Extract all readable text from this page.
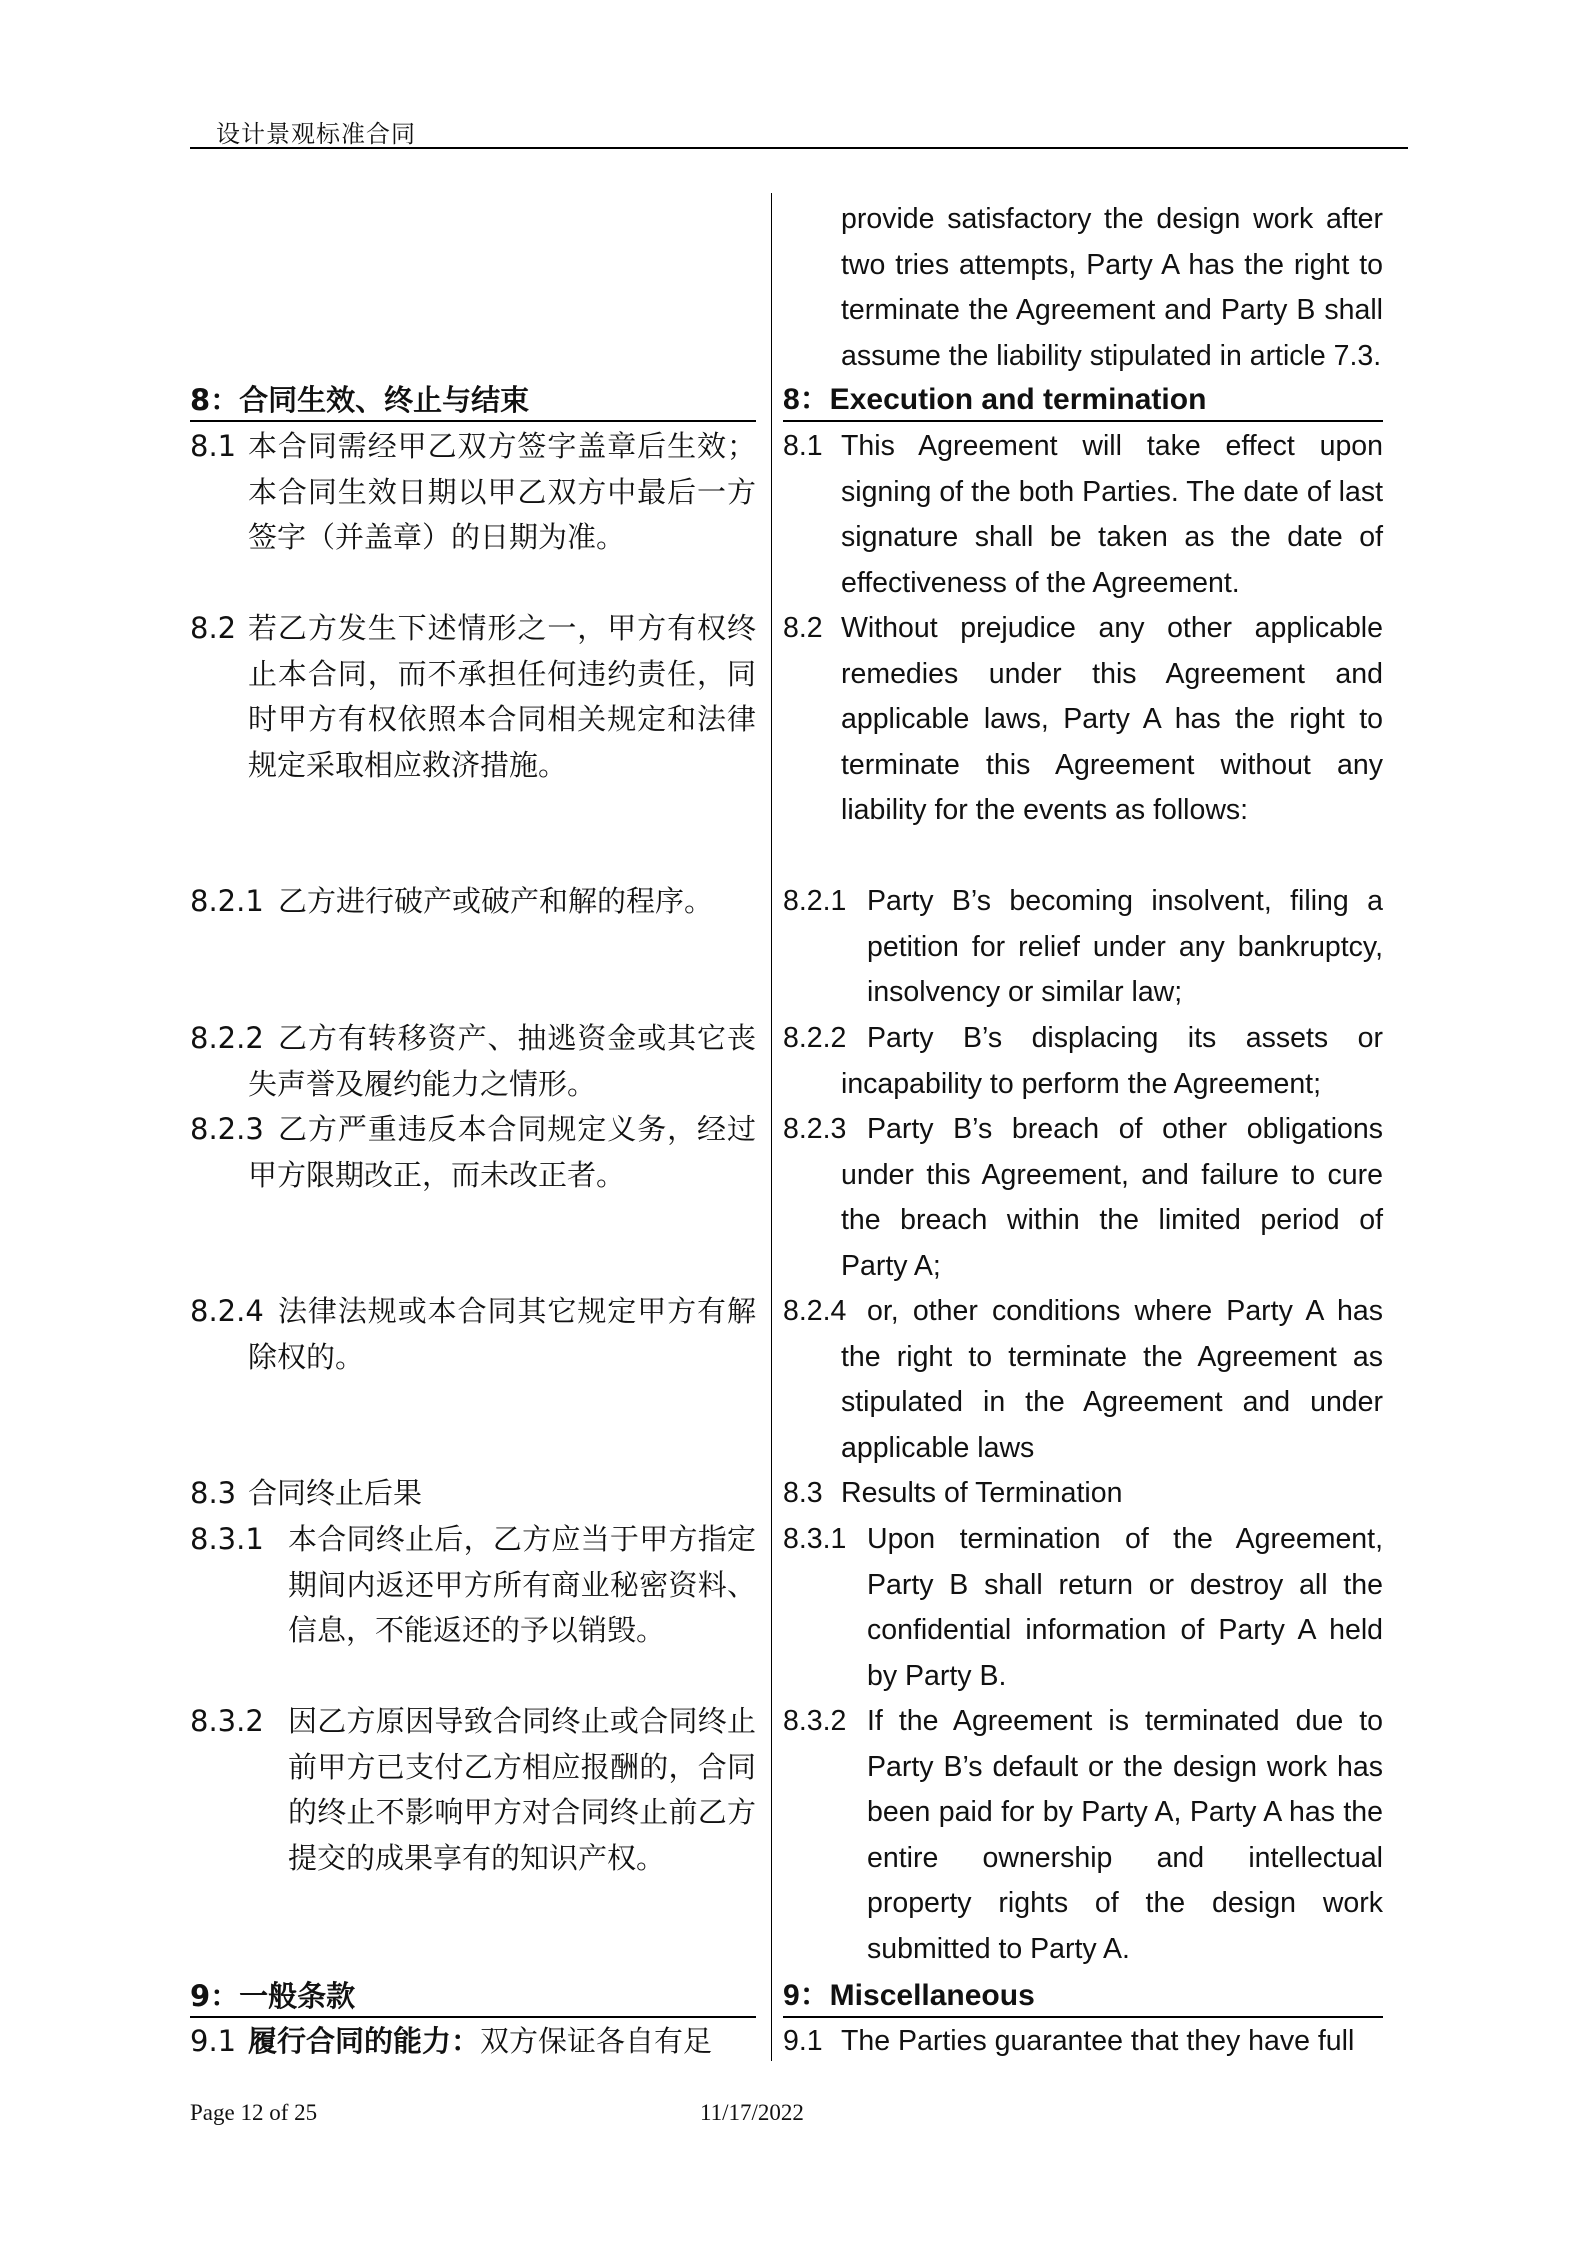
设计景观标准合同
8：合同生效、终止与结束
8.1 本合同需经甲乙双方签字盖章后生效；本合同生效日期以甲乙双方中最后一方签字（并盖章）的日期为准。
8.2 若乙方发生下述情形之一，甲方有权终止本合同，而不承担任何违约责任，同时甲方有权依照本合同相关规定和法律规定采取相应救济措施。
8.2.1 乙方进行破产或破产和解的程序。
8.2.2 乙方有转移资产、抽逃资金或其它丧失声誉及履约能力之情形。
8.2.3 乙方严重违反本合同规定义务，经过甲方限期改正，而未改正者。
8.2.4 法律法规或本合同其它规定甲方有解除权的。
8.3 合同终止后果
8.3.1 本合同终止后，乙方应当于甲方指定期间内返还甲方所有商业秘密资料、信息，不能返还的予以销毁。
8.3.2 因乙方原因导致合同终止或合同终止前甲方已支付乙方相应报酬的，合同的终止不影响甲方对合同终止前乙方提交的成果享有的知识产权。
9：一般条款
9.1 履行合同的能力：双方保证各自有足
provide satisfactory the design work after two tries attempts, Party A has the right to terminate the Agreement and Party B shall assume the liability stipulated in article 7.3.
8：Execution and termination
8.1 This Agreement will take effect upon signing of the both Parties. The date of last signature shall be taken as the date of effectiveness of the Agreement.
8.2 Without prejudice any other applicable remedies under this Agreement and applicable laws, Party A has the right to terminate this Agreement without any liability for the events as follows:
8.2.1 Party B’s becoming insolvent, filing a petition for relief under any bankruptcy, insolvency or similar law;
8.2.2 Party B’s displacing its assets or incapability to perform the Agreement;
8.2.3 Party B’s breach of other obligations under this Agreement, and failure to cure the breach within the limited period of Party A;
8.2.4 or, other conditions where Party A has the right to terminate the Agreement as stipulated in the Agreement and under applicable laws
8.3 Results of Termination
8.3.1 Upon termination of the Agreement, Party B shall return or destroy all the confidential information of Party A held by Party B.
8.3.2 If the Agreement is terminated due to Party B’s default or the design work has been paid for by Party A, Party A has the entire ownership and intellectual property rights of the design work submitted to Party A.
9：Miscellaneous
9.1 The Parties guarantee that they have full
Page 12 of 25	11/17/2022
